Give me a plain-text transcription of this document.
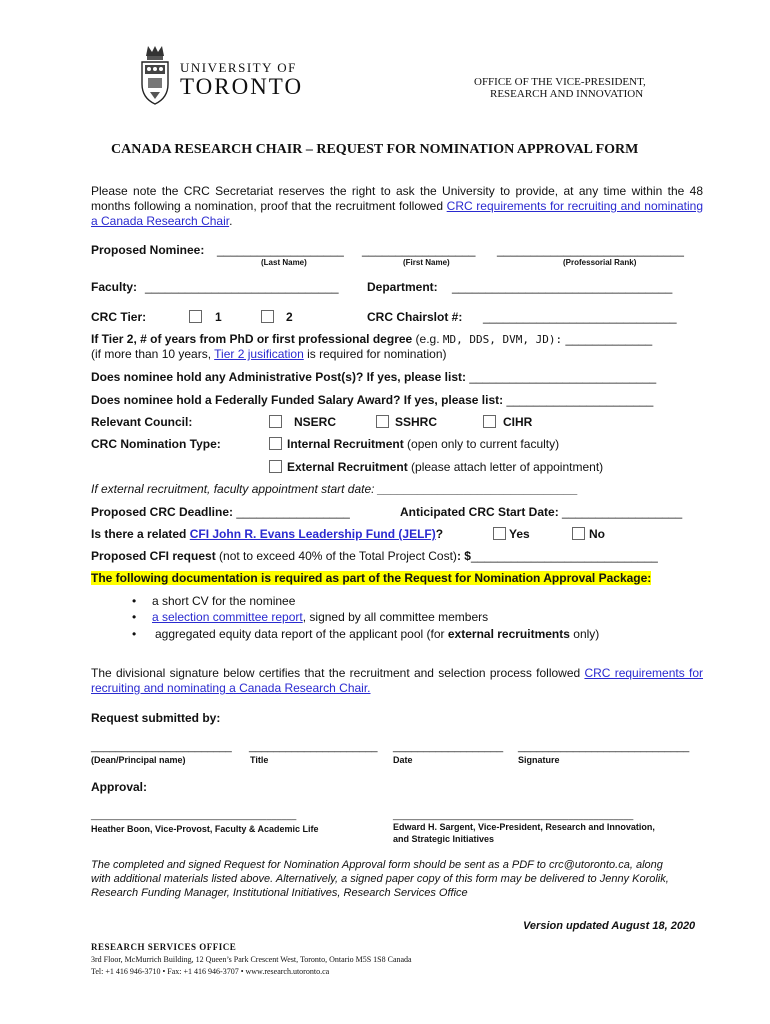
UNIVERSITY OF
TORONTO	OFFICE OF THE VICE-PRESIDENT,
RESEARCH AND INNOVATION
CANADA RESEARCH CHAIR – REQUEST FOR NOMINATION APPROVAL FORM
Please note the CRC Secretariat reserves the right to ask the University to provide, at any time within the 48 months following a nomination, proof that the recruitment followed CRC requirements for recruiting and nominating a Canada Research Chair.
Proposed Nominee: ___________________ _________________ ____________________________
(Last Name)	(First Name)	(Professorial Rank)
Faculty: _____________________________ Department: _________________________________
CRC Tier:	1	2	CRC Chairslot #: _____________________________
If Tier 2, # of years from PhD or first professional degree (e.g. MD, DDS, DVM, JD): _____________
(if more than 10 years, Tier 2 jusification is required for nomination)
Does nominee hold any Administrative Post(s)? If yes, please list: ____________________________
Does nominee hold a Federally Funded Salary Award? If yes, please list: ______________________
Relevant Council:	NSERC	SSHRC	CIHR
CRC Nomination Type:	Internal Recruitment (open only to current faculty)
External Recruitment (please attach letter of appointment)
If external recruitment, faculty appointment start date: ______________________________
Proposed CRC Deadline: _________________	Anticipated CRC Start Date: __________________
Is there a related CFI John R. Evans Leadership Fund (JELF)?	Yes	No
Proposed CFI request (not to exceed 40% of the Total Project Cost): $____________________________
The following documentation is required as part of the Request for Nomination Approval Package:
• a short CV for the nominee
• a selection committee report, signed by all committee members
• aggregated equity data report of the applicant pool (for external recruitments only)
The divisional signature below certifies that the recruitment and selection process followed CRC requirements for recruiting and nominating a Canada Research Chair.
Request submitted by:
_______________________ _____________________ __________________ ____________________________
(Dean/Principal name)	Title	Date	Signature
Approval:
_________________________________________	________________________________________________
Heather Boon, Vice-Provost, Faculty & Academic Life	Edward H. Sargent, Vice-President, Research and Innovation,
and Strategic Initiatives
The completed and signed Request for Nomination Approval form should be sent as a PDF to crc@utoronto.ca, along
with additional materials listed above. Alternatively, a signed paper copy of this form may be delivered to Jenny Korolik,
Research Funding Manager, Institutional Initiatives, Research Services Office
Version updated August 18, 2020
RESEARCH SERVICES OFFICE
3rd Floor, McMurrich Building, 12 Queen’s Park Crescent West, Toronto, Ontario M5S 1S8 Canada
Tel: +1 416 946-3710 • Fax: +1 416 946-3707 • www.research.utoronto.ca
